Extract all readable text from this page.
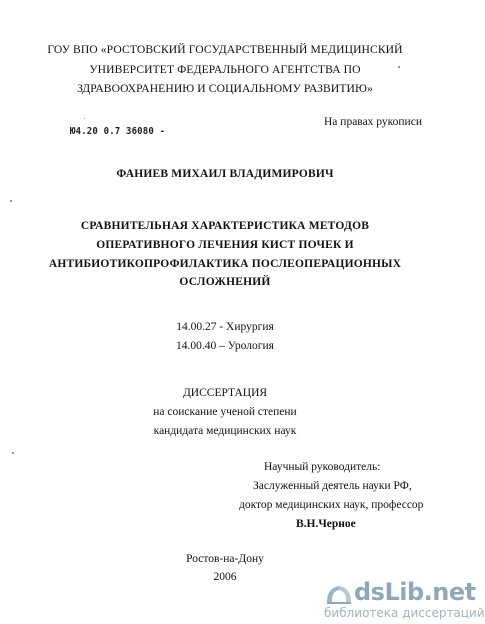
ГОУ ВПО «РОСТОВСКИЙ ГОСУДАРСТВЕННЫЙ МЕДИЦИНСКИЙ
УНИВЕРСИТЕТ ФЕДЕРАЛЬНОГО АГЕНТСТВА ПО
ЗДРАВООХРАНЕНИЮ И СОЦИАЛЬНОМУ РАЗВИТИЮ»
Ю4.20 0.7 36080 -
На правах рукописи
ФАНИЕВ МИХАИЛ ВЛАДИМИРОВИЧ
СРАВНИТЕЛЬНАЯ ХАРАКТЕРИСТИКА МЕТОДОВ
ОПЕРАТИВНОГО ЛЕЧЕНИЯ КИСТ ПОЧЕК И
АНТИБИОТИКОПРОФИЛАКТИКА ПОСЛЕОПЕРАЦИОННЫХ
ОСЛОЖНЕНИЙ
14.00.27 - Хирургия
14.00.40 – Урология
ДИССЕРТАЦИЯ
на соискание ученой степени
кандидата медицинских наук
Научный руководитель:
Заслуженный деятель науки РФ,
доктор медицинских наук, профессор
В.Н.Черное
Ростов-на-Дону
2006
dsLib.net
библиотека диссертаций
